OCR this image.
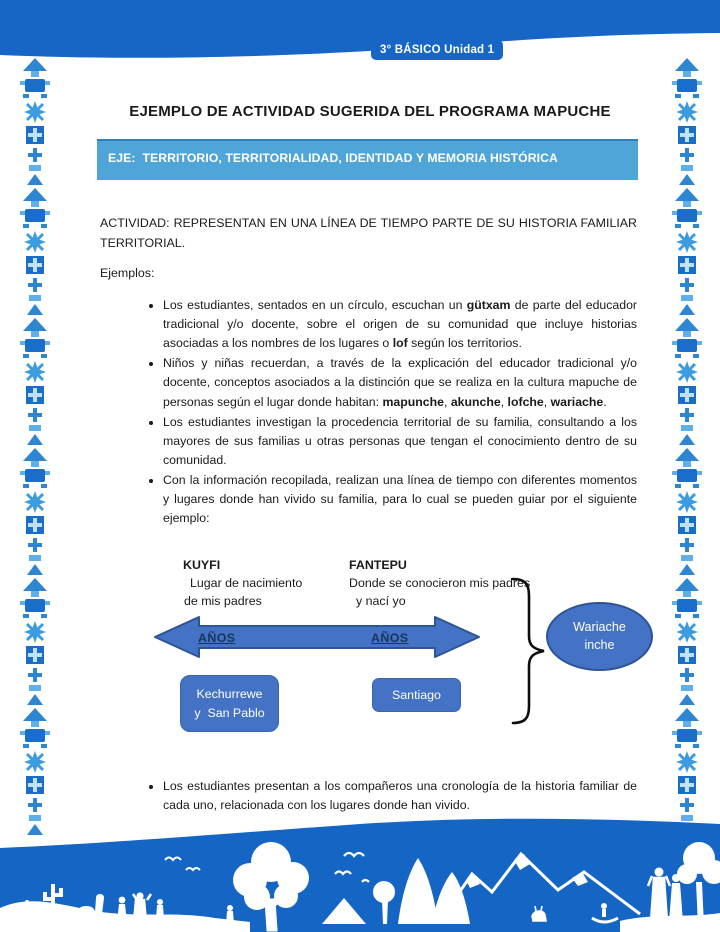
3° BÁSICO Unidad 1
EJEMPLO DE ACTIVIDAD SUGERIDA DEL PROGRAMA MAPUCHE
EJE:  TERRITORIO, TERRITORIALIDAD, IDENTIDAD Y MEMORIA HISTÓRICA
ACTIVIDAD: REPRESENTAN EN UNA LÍNEA DE TIEMPO PARTE DE SU HISTORIA FAMILIAR TERRITORIAL.
Ejemplos:
• Los estudiantes, sentados en un círculo, escuchan un gütxam de parte del educador tradicional y/o docente, sobre el origen de su comunidad que incluye historias asociadas a los nombres de los lugares o lof según los territorios.
• Niños y niñas recuerdan, a través de la explicación del educador tradicional y/o docente, conceptos asociados a la distinción que se realiza en la cultura mapuche de personas según el lugar donde habitan: mapunche, akunche, lofche, wariache.
• Los estudiantes investigan la procedencia territorial de su familia, consultando a los mayores de sus familias u otras personas que tengan el conocimiento dentro de su comunidad.
• Con la información recopilada, realizan una línea de tiempo con diferentes momentos y lugares donde han vivido su familia, para lo cual se pueden guiar por el siguiente ejemplo:
KUYFI
Lugar de nacimiento
de mis padres
FANTEPU
Donde se conocieron mis padres
y nací yo
AÑOS	AÑOS
Kechurrewe
y  San Pablo
Santiago
Wariache
inche
• Los estudiantes presentan a los compañeros una cronología de la historia familiar de cada uno, relacionada con los lugares donde han vivido.
